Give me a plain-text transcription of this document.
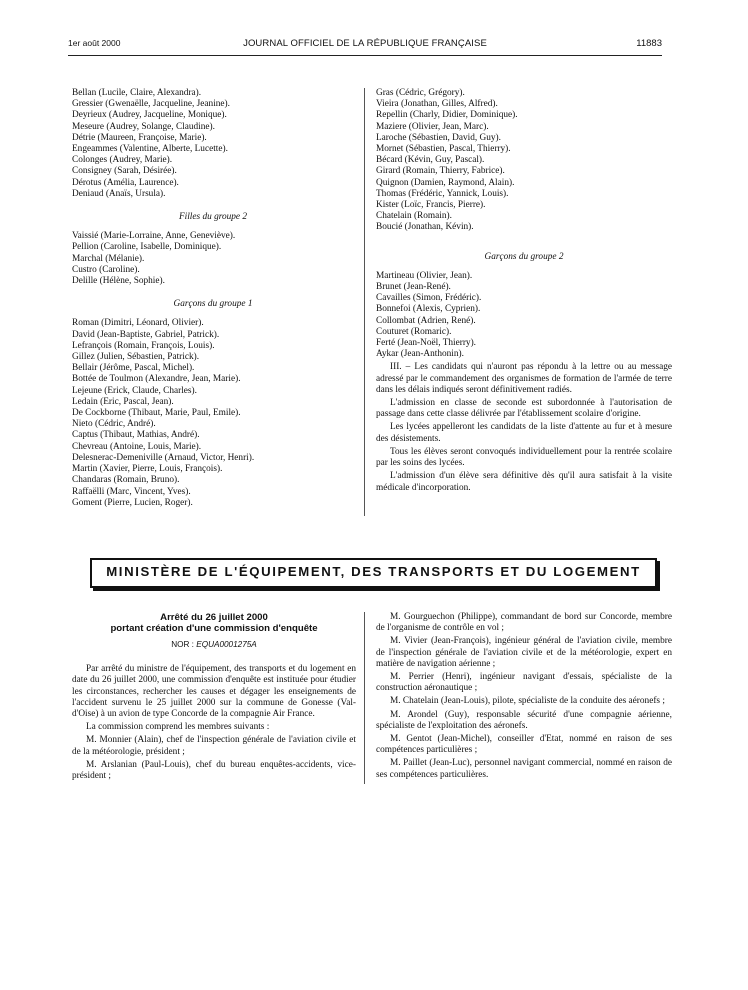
1er août 2000	JOURNAL OFFICIEL DE LA RÉPUBLIQUE FRANÇAISE	11883
Bellan (Lucile, Claire, Alexandra).
Gressier (Gwenaëlle, Jacqueline, Jeanine).
Deyrieux (Audrey, Jacqueline, Monique).
Meseure (Audrey, Solange, Claudine).
Détrie (Maureen, Françoise, Marie).
Engeammes (Valentine, Alberte, Lucette).
Colonges (Audrey, Marie).
Consigney (Sarah, Désirée).
Dérotus (Amélia, Laurence).
Deniaud (Anaïs, Ursula).
Filles du groupe 2
Vaissié (Marie-Lorraine, Anne, Geneviève).
Pellion (Caroline, Isabelle, Dominique).
Marchal (Mélanie).
Custro (Caroline).
Delille (Hélène, Sophie).
Garçons du groupe 1
Roman (Dimitri, Léonard, Olivier).
David (Jean-Baptiste, Gabriel, Patrick).
Lefrançois (Romain, François, Louis).
Gillez (Julien, Sébastien, Patrick).
Bellair (Jérôme, Pascal, Michel).
Bottée de Toulmon (Alexandre, Jean, Marie).
Lejeune (Erick, Claude, Charles).
Ledain (Eric, Pascal, Jean).
De Cockborne (Thibaut, Marie, Paul, Emile).
Nieto (Cédric, André).
Captus (Thibaut, Mathias, André).
Chevreau (Antoine, Louis, Marie).
Delesnerac-Demeniville (Arnaud, Victor, Henri).
Martin (Xavier, Pierre, Louis, François).
Chandaras (Romain, Bruno).
Raffaëlli (Marc, Vincent, Yves).
Goment (Pierre, Lucien, Roger).
Gras (Cédric, Grégory).
Vieira (Jonathan, Gilles, Alfred).
Repellin (Charly, Didier, Dominique).
Maziere (Olivier, Jean, Marc).
Laroche (Sébastien, David, Guy).
Mornet (Sébastien, Pascal, Thierry).
Bécard (Kévin, Guy, Pascal).
Girard (Romain, Thierry, Fabrice).
Quignon (Damien, Raymond, Alain).
Thomas (Frédéric, Yannick, Louis).
Kister (Loïc, Francis, Pierre).
Chatelain (Romain).
Boucié (Jonathan, Kévin).
Garçons du groupe 2
Martineau (Olivier, Jean).
Brunet (Jean-René).
Cavailles (Simon, Frédéric).
Bonnefoi (Alexis, Cyprien).
Collombat (Adrien, René).
Couturet (Romaric).
Ferté (Jean-Noël, Thierry).
Aykar (Jean-Anthonin).

III. – Les candidats qui n'auront pas répondu à la lettre ou au message adressé par le commandement des organismes de formation de l'armée de terre dans les délais indiqués seront définitivement radiés.

L'admission en classe de seconde est subordonnée à l'autorisation de passage dans cette classe délivrée par l'établissement scolaire d'origine.

Les lycées appelleront les candidats de la liste d'attente au fur et à mesure des désistements.

Tous les élèves seront convoqués individuellement pour la rentrée scolaire par les soins des lycées.

L'admission d'un élève sera définitive dès qu'il aura satisfait à la visite médicale d'incorporation.

MINISTÈRE DE L'ÉQUIPEMENT, DES TRANSPORTS ET DU LOGEMENT
Arrêté du 26 juillet 2000
portant création d'une commission d'enquête
NOR : EQUA0001275A

Par arrêté du ministre de l'équipement, des transports et du logement en date du 26 juillet 2000, une commission d'enquête est instituée pour étudier les circonstances, rechercher les causes et dégager les enseignements de l'accident survenu le 25 juillet 2000 sur la commune de Gonesse (Val-d'Oise) à un avion de type Concorde de la compagnie Air France.

La commission comprend les membres suivants :

M. Monnier (Alain), chef de l'inspection générale de l'aviation civile et de la météorologie, président ;

M. Arslanian (Paul-Louis), chef du bureau enquêtes-accidents, vice-président ;

M. Gourguechon (Philippe), commandant de bord sur Concorde, membre de l'organisme de contrôle en vol ;

M. Vivier (Jean-François), ingénieur général de l'aviation civile, membre de l'inspection générale de l'aviation civile et de la météorologie, expert en matière de navigation aérienne ;

M. Perrier (Henri), ingénieur navigant d'essais, spécialiste de la construction aéronautique ;

M. Chatelain (Jean-Louis), pilote, spécialiste de la conduite des aéronefs ;

M. Arondel (Guy), responsable sécurité d'une compagnie aérienne, spécialiste de l'exploitation des aéronefs.

M. Gentot (Jean-Michel), conseiller d'Etat, nommé en raison de ses compétences particulières ;

M. Paillet (Jean-Luc), personnel navigant commercial, nommé en raison de ses compétences particulières.
